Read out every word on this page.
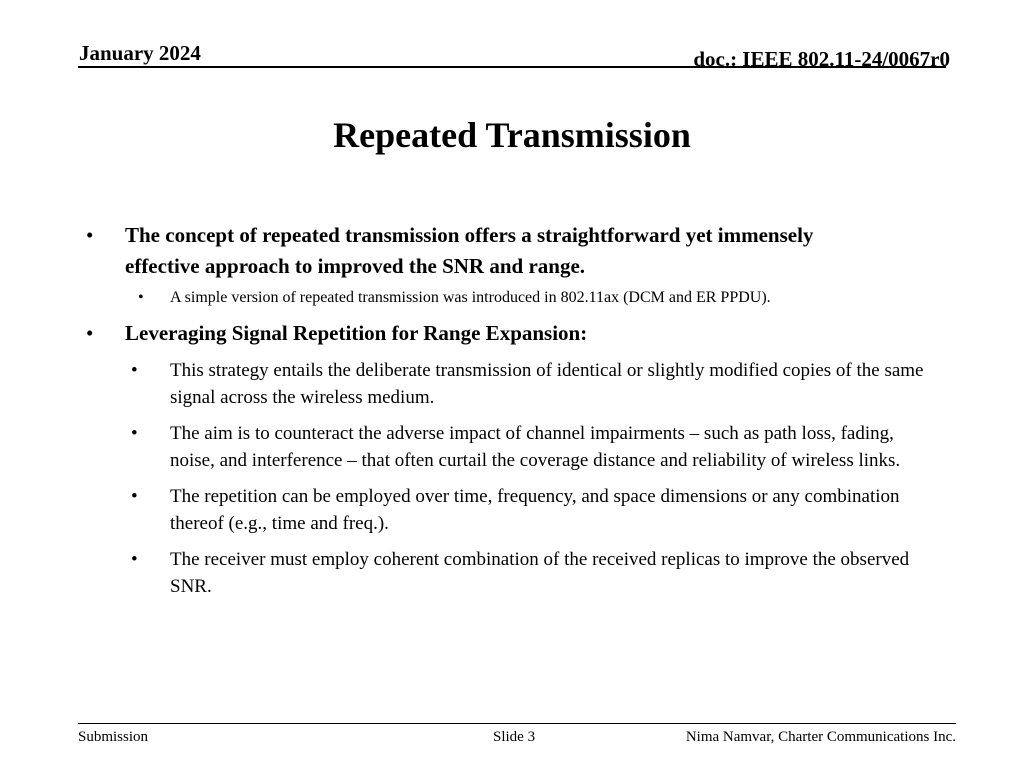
January 2024	doc.: IEEE 802.11-24/0067r0
Repeated Transmission
• The concept of repeated transmission offers a straightforward yet immensely effective approach to improved the SNR and range.
• A simple version of repeated transmission was introduced in 802.11ax (DCM and ER PPDU).
• Leveraging Signal Repetition for Range Expansion:
• This strategy entails the deliberate transmission of identical or slightly modified copies of the same signal across the wireless medium.
• The aim is to counteract the adverse impact of channel impairments – such as path loss, fading, noise, and interference – that often curtail the coverage distance and reliability of wireless links.
• The repetition can be employed over time, frequency, and space dimensions or any combination thereof (e.g., time and freq.).
• The receiver must employ coherent combination of the received replicas to improve the observed SNR.
Submission	Slide 3	Nima Namvar, Charter Communications Inc.
